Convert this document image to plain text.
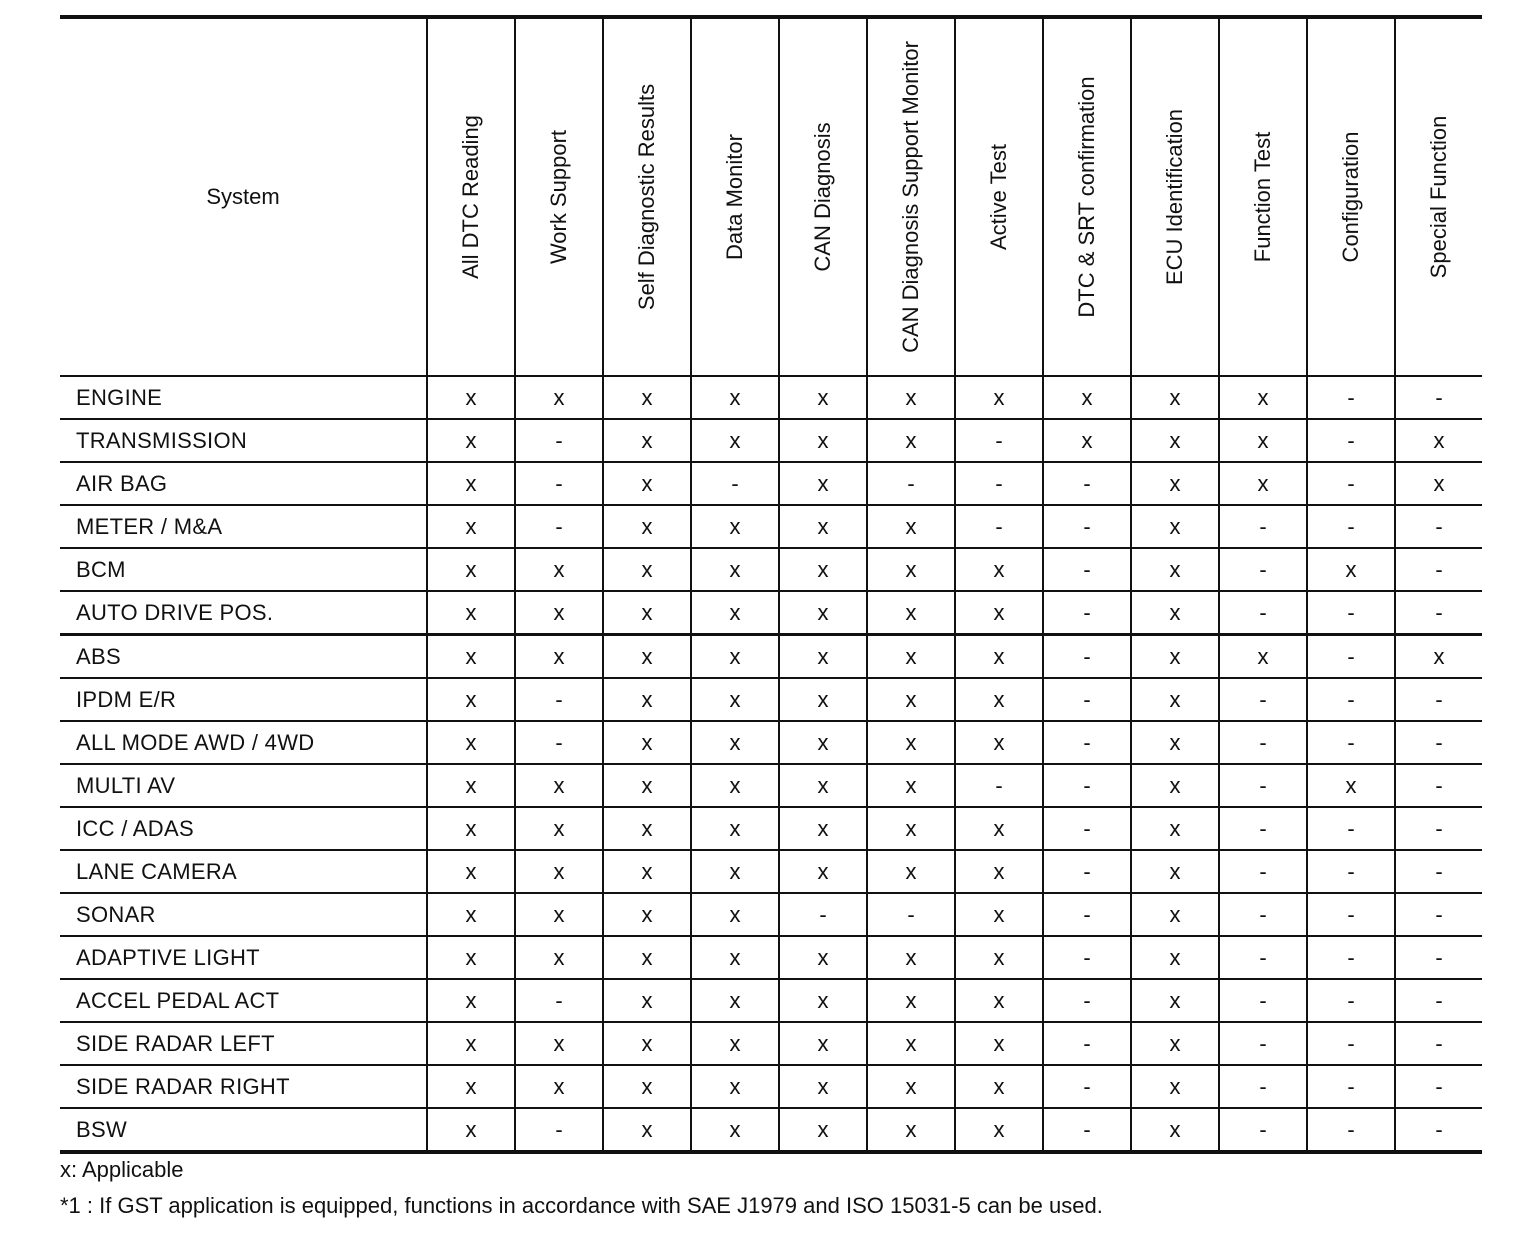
System	All DTC Reading	Work Support	Self Diagnostic Results	Data Monitor	CAN Diagnosis	CAN Diagnosis Support Monitor	Active Test	DTC & SRT confirmation	ECU Identification	Function Test	Configuration	Special Function

ENGINE	x	x	x	x	x	x	x	x	x	x	-	-
TRANSMISSION	x	-	x	x	x	x	-	x	x	x	-	x
AIR BAG	x	-	x	-	x	-	-	-	x	x	-	x
METER / M&A	x	-	x	x	x	x	-	-	x	-	-	-
BCM	x	x	x	x	x	x	x	-	x	-	x	-
AUTO DRIVE POS.	x	x	x	x	x	x	x	-	x	-	-	-
ABS	x	x	x	x	x	x	x	-	x	x	-	x
IPDM E/R	x	-	x	x	x	x	x	-	x	-	-	-
ALL MODE AWD / 4WD	x	-	x	x	x	x	x	-	x	-	-	-
MULTI AV	x	x	x	x	x	x	-	-	x	-	x	-
ICC / ADAS	x	x	x	x	x	x	x	-	x	-	-	-
LANE CAMERA	x	x	x	x	x	x	x	-	x	-	-	-
SONAR	x	x	x	x	-	-	x	-	x	-	-	-
ADAPTIVE LIGHT	x	x	x	x	x	x	x	-	x	-	-	-
ACCEL PEDAL ACT	x	-	x	x	x	x	x	-	x	-	-	-
SIDE RADAR LEFT	x	x	x	x	x	x	x	-	x	-	-	-
SIDE RADAR RIGHT	x	x	x	x	x	x	x	-	x	-	-	-
BSW	x	-	x	x	x	x	x	-	x	-	-	-
x: Applicable
*1 : If GST application is equipped, functions in accordance with SAE J1979 and ISO 15031-5 can be used.
